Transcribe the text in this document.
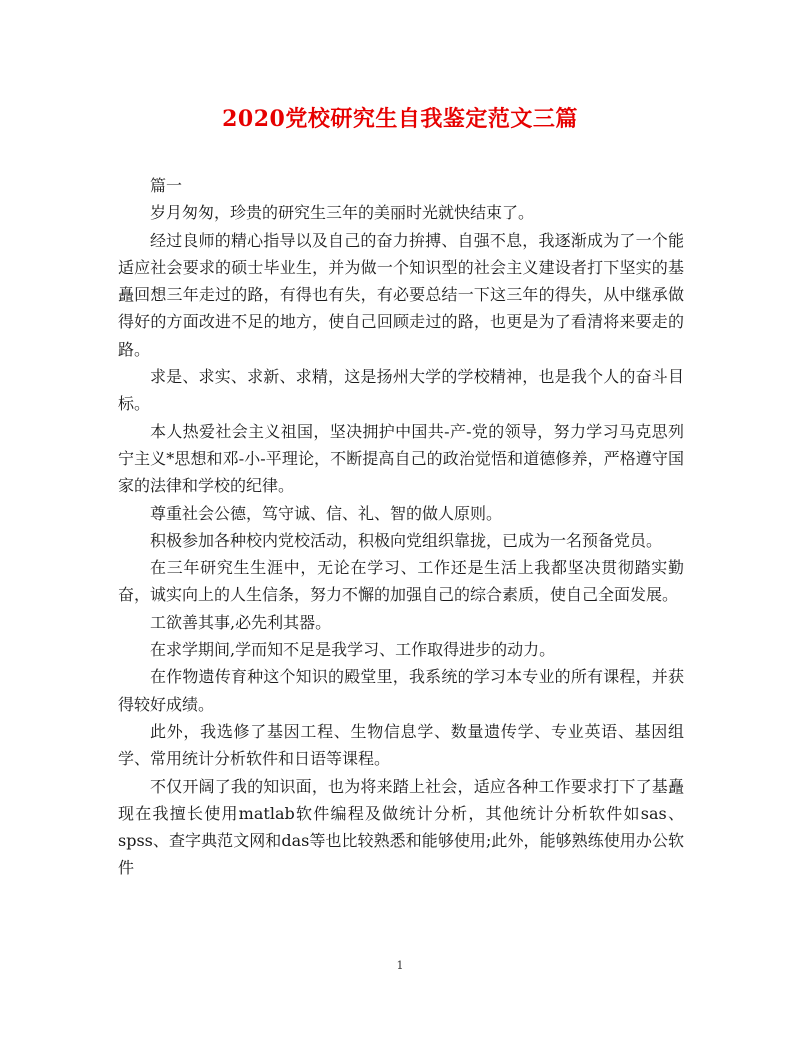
2020党校研究生自我鉴定范文三篇

篇一

岁月匆匆，珍贵的研究生三年的美丽时光就快结束了。

经过良师的精心指导以及自己的奋力拚搏、自强不息，我逐渐成为了一个能适应社会要求的硕士毕业生，并为做一个知识型的社会主义建设者打下坚实的基矗回想三年走过的路，有得也有失，有必要总结一下这三年的得失，从中继承做得好的方面改进不足的地方，使自己回顾走过的路，也更是为了看清将来要走的路。

求是、求实、求新、求精，这是扬州大学的学校精神，也是我个人的奋斗目标。

本人热爱社会主义祖国，坚决拥护中国共-产-党的领导，努力学习马克思列宁主义*思想和邓-小-平理论，不断提高自己的政治觉悟和道德修养，严格遵守国家的法律和学校的纪律。

尊重社会公德，笃守诚、信、礼、智的做人原则。

积极参加各种校内党校活动，积极向党组织靠拢，已成为一名预备党员。

在三年研究生生涯中，无论在学习、工作还是生活上我都坚决贯彻踏实勤奋，诚实向上的人生信条，努力不懈的加强自己的综合素质，使自己全面发展。

工欲善其事,必先利其器。

在求学期间,学而知不足是我学习、工作取得进步的动力。

在作物遗传育种这个知识的殿堂里，我系统的学习本专业的所有课程，并获得较好成绩。

此外，我选修了基因工程、生物信息学、数量遗传学、专业英语、基因组学、常用统计分析软件和日语等课程。

不仅开阔了我的知识面，也为将来踏上社会，适应各种工作要求打下了基矗现在我擅长使用matlab软件编程及做统计分析，其他统计分析软件如sas、spss、查字典范文网和das等也比较熟悉和能够使用;此外，能够熟练使用办公软件

1
